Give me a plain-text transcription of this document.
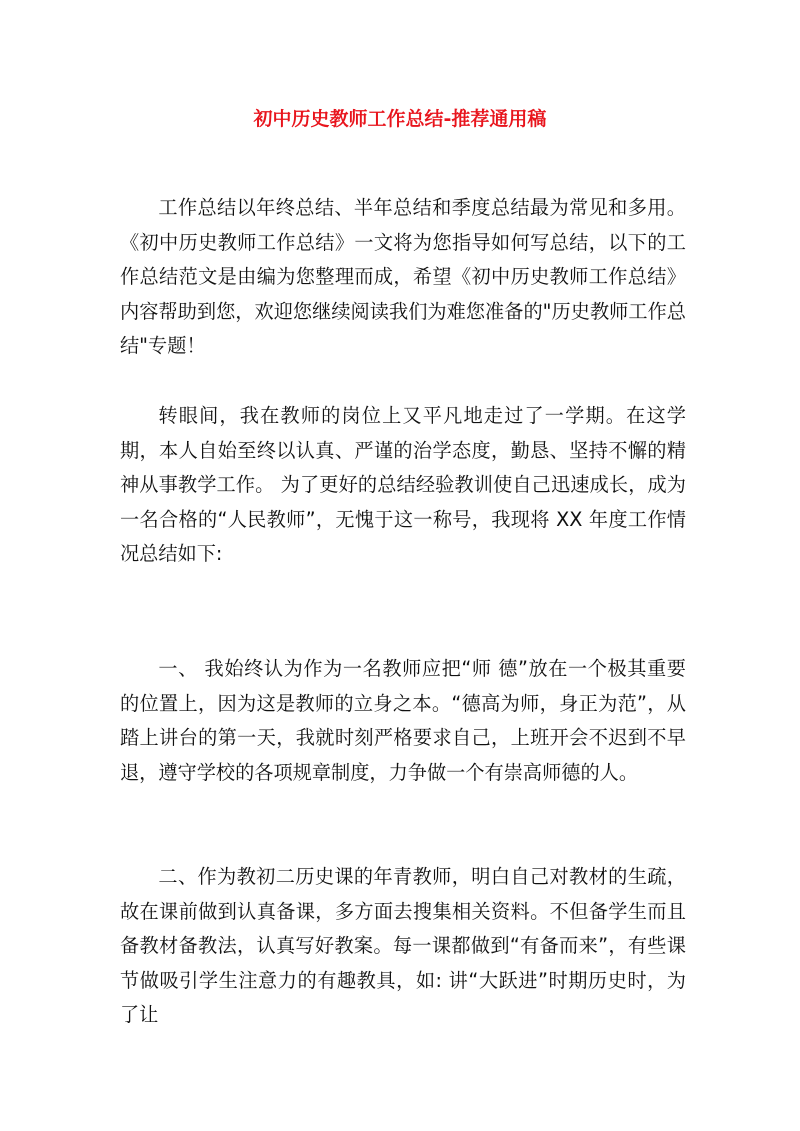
初中历史教师工作总结-推荐通用稿

工作总结以年终总结、半年总结和季度总结最为常见和多用。《初中历史教师工作总结》一文将为您指导如何写总结，以下的工作总结范文是由编为您整理而成，希望《初中历史教师工作总结》内容帮助到您，欢迎您继续阅读我们为难您准备的"历史教师工作总结"专题！

转眼间，我在教师的岗位上又平凡地走过了一学期。在这学期，本人自始至终以认真、严谨的治学态度，勤恳、坚持不懈的精神从事教学工作。 为了更好的总结经验教训使自己迅速成长，成为一名合格的“人民教师”，无愧于这一称号，我现将 XX 年度工作情况总结如下:

一、 我始终认为作为一名教师应把“师 德”放在一个极其重要的位置上，因为这是教师的立身之本。“德高为师，身正为范”，从踏上讲台的第一天，我就时刻严格要求自己，上班开会不迟到不早退，遵守学校的各项规章制度，力争做一个有崇高师德的人。

二、作为教初二历史课的年青教师，明白自己对教材的生疏，故在课前做到认真备课，多方面去搜集相关资料。不但备学生而且备教材备教法，认真写好教案。每一课都做到“有备而来”，有些课节做吸引学生注意力的有趣教具，如: 讲“大跃进”时期历史时，为了让
